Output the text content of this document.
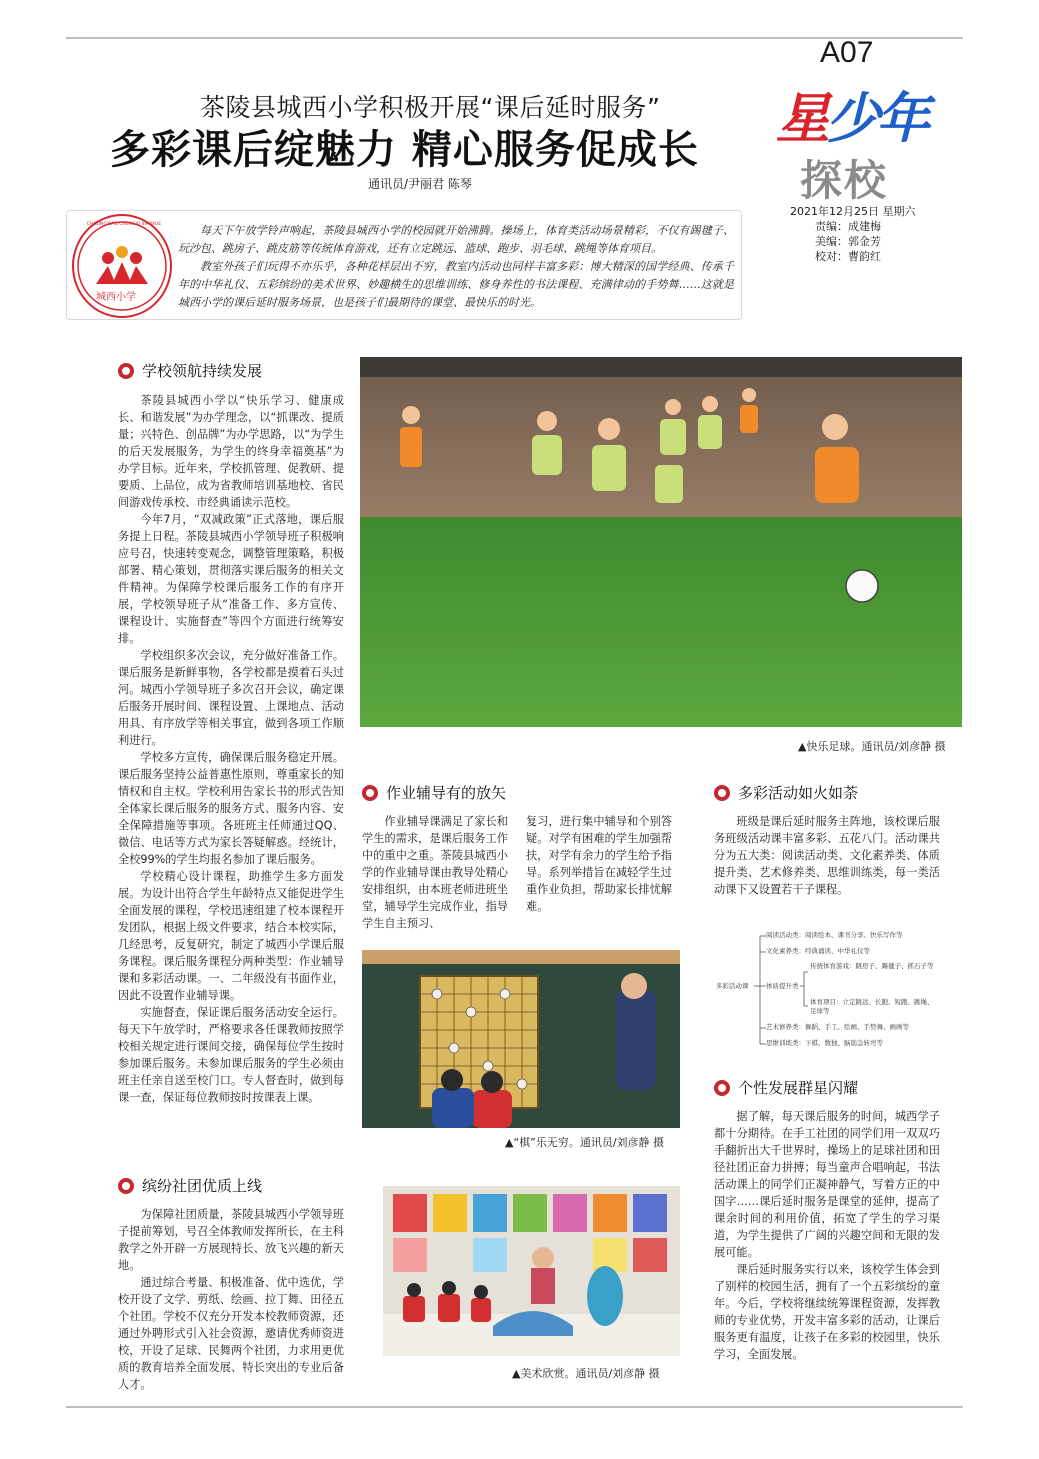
A07
星少年
探校
2021年12月25日 星期六
责编：成建梅
美编：郭金芳
校对：曹韵红
茶陵县城西小学积极开展“课后延时服务”
多彩课后绽魅力 精心服务促成长
通讯员/尹丽君 陈琴
城西小学
CHALINGXIAN CHENGXI XIAOXUE	每天下午放学铃声响起，茶陵县城西小学的校园就开始沸腾。操场上，体育类活动场景精彩，不仅有踢毽子、玩沙包、跳房子、跳皮筋等传统体育游戏，还有立定跳远、篮球、跑步、羽毛球、跳绳等体育项目。

教室外孩子们玩得不亦乐乎，各种花样层出不穷，教室内活动也同样丰富多彩：博大精深的国学经典、传承千年的中华礼仪、五彩缤纷的美术世界、妙趣横生的思维训练、修身养性的书法课程、充满律动的手势舞……这就是城西小学的课后延时服务场景，也是孩子们最期待的课堂、最快乐的时光。

学校领航持续发展

茶陵县城西小学以“快乐学习、健康成长、和谐发展”为办学理念，以“抓课改、提质量；兴特色、创品牌”为办学思路，以“为学生的后天发展服务，为学生的终身幸福奠基”为办学目标。近年来，学校抓管理、促教研、提要质、上品位，成为省教师培训基地校、省民间游戏传承校、市经典诵读示范校。

今年7月，“双减政策”正式落地，课后服务提上日程。茶陵县城西小学领导班子积极响应号召，快速转变观念，调整管理策略，积极部署、精心策划，贯彻落实课后服务的相关文件精神。为保障学校课后服务工作的有序开展，学校领导班子从“准备工作、多方宣传、课程设计、实施督查”等四个方面进行统筹安排。

学校组织多次会议，充分做好准备工作。课后服务是新鲜事物，各学校都是摸着石头过河。城西小学领导班子多次召开会议，确定课后服务开展时间、课程设置、上课地点、活动用具、有序放学等相关事宜，做到各项工作顺利进行。

学校多方宣传，确保课后服务稳定开展。课后服务坚持公益普惠性原则，尊重家长的知情权和自主权。学校利用告家长书的形式告知全体家长课后服务的服务方式、服务内容、安全保障措施等事项。各班班主任师通过QQ、微信、电话等方式为家长答疑解惑。经统计，全校99%的学生均报名参加了课后服务。

学校精心设计课程，助推学生多方面发展。为设计出符合学生年龄特点又能促进学生全面发展的课程，学校迅速组建了校本课程开发团队，根据上级文件要求，结合本校实际，几经思考，反复研究，制定了城西小学课后服务课程。课后服务课程分两种类型：作业辅导课和多彩活动课。一、二年级没有书面作业，因此不设置作业辅导课。

实施督查，保证课后服务活动安全运行。每天下午放学时，严格要求各任课教师按照学校相关规定进行课间交接，确保每位学生按时参加课后服务。未参加课后服务的学生必须由班主任亲自送至校门口。专人督查时，做到每课一查，保证每位教师按时按课表上课。

缤纷社团优质上线

为保障社团质量，茶陵县城西小学领导班子提前筹划，号召全体教师发挥所长，在主科教学之外开辟一方展现特长、放飞兴趣的新天地。

通过综合考量、积极准备、优中选优，学校开设了文学、剪纸、绘画、拉丁舞、田径五个社团。学校不仅充分开发本校教师资源，还通过外聘形式引入社会资源，邀请优秀师资进校，开设了足球、民舞两个社团，力求用更优质的教育培养全面发展、特长突出的专业后备人才。

▲快乐足球。通讯员/刘彦静 摄
作业辅导有的放矢

作业辅导课满足了家长和学生的需求，是课后服务工作中的重中之重。茶陵县城西小学的作业辅导课由教导处精心安排组织，由本班老师进班坐堂，辅导学生完成作业，指导学生自主预习、

复习，进行集中辅导和个别答疑。对学有困难的学生加强帮扶，对学有余力的学生给予指导。系列举措旨在减轻学生过重作业负担，帮助家长排忧解难。

▲“棋”乐无穷。通讯员/刘彦静 摄
▲美术欣赏。通讯员/刘彦静 摄
多彩活动如火如荼

班级是课后延时服务主阵地，该校课后服务班级活动课丰富多彩、五花八门。活动课共分为五大类：阅读活动类、文化素养类、体质提升类、艺术修养类、思维训练类，每一类活动课下又设置若干子课程。

多彩活动课
阅读活动类：阅读绘本、课书分享、快乐写作等
文化素养类：经典诵读、中华礼仪等
体质提升类
传统体育游戏：跳房子、踢毽子、抓石子等
体育项目：立定跳远、长跑、短跑、跳绳、足球等
艺术修养类：舞蹈、手工、绘画、手势舞、画画等
思维训练类：下棋、数独、脑筋急转弯等
个性发展群星闪耀

据了解，每天课后服务的时间，城西学子都十分期待。在手工社团的同学们用一双双巧手翻折出大千世界时，操场上的足球社团和田径社团正奋力拼搏；每当童声合唱响起，书法活动课上的同学们正凝神静气，写着方正的中国字……课后延时服务是课堂的延伸，提高了课余时间的利用价值，拓宽了学生的学习渠道，为学生提供了广阔的兴趣空间和无限的发展可能。

课后延时服务实行以来，该校学生体会到了别样的校园生活，拥有了一个五彩缤纷的童年。今后，学校将继续统筹课程资源，发挥教师的专业优势，开发丰富多彩的活动，让课后服务更有温度，让孩子在多彩的校园里，快乐学习，全面发展。
